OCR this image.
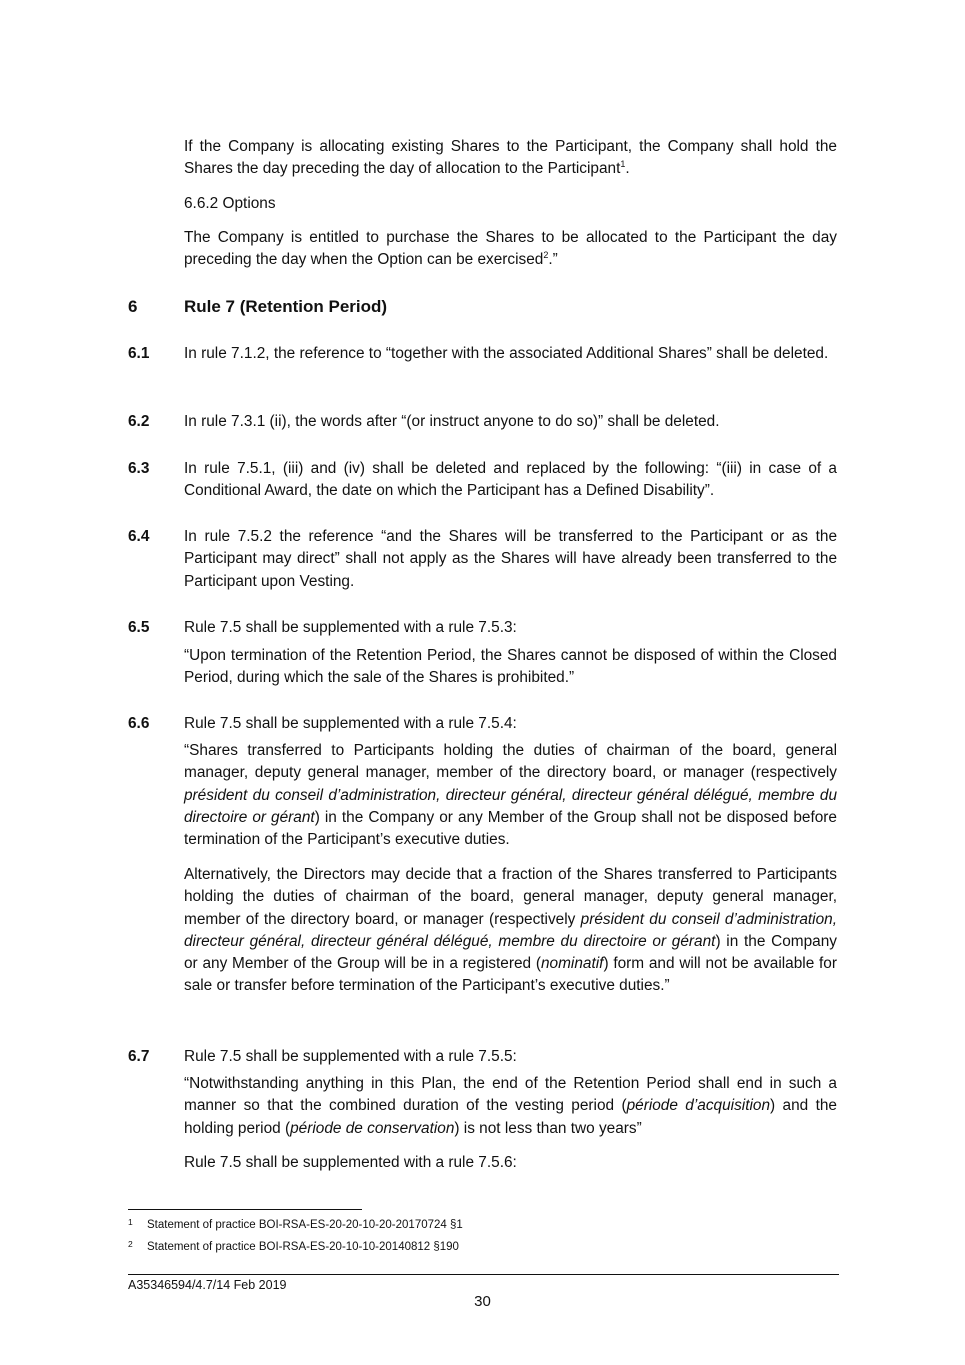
If the Company is allocating existing Shares to the Participant, the Company shall hold the Shares the day preceding the day of allocation to the Participant$^1$.

6.6.2 Options

The Company is entitled to purchase the Shares to be allocated to the Participant the day preceding the day when the Option can be exercised$^2$.”

6	Rule 7 (Retention Period)
6.1 In rule 7.1.2, the reference to “together with the associated Additional Shares” shall be deleted.

6.2 In rule 7.3.1 (ii), the words after “(or instruct anyone to do so)” shall be deleted.

6.3 In rule 7.5.1, (iii) and (iv) shall be deleted and replaced by the following: “(iii) in case of a Conditional Award, the date on which the Participant has a Defined Disability”.

6.4 In rule 7.5.2 the reference “and the Shares will be transferred to the Participant or as the Participant may direct” shall not apply as the Shares will have already been transferred to the Participant upon Vesting.

6.5 Rule 7.5 shall be supplemented with a rule 7.5.3:

“Upon termination of the Retention Period, the Shares cannot be disposed of within the Closed Period, during which the sale of the Shares is prohibited.”

6.6 Rule 7.5 shall be supplemented with a rule 7.5.4:

“Shares transferred to Participants holding the duties of chairman of the board, general manager, deputy general manager, member of the directory board, or manager (respectively président du conseil d’administration, directeur général, directeur général délégué, membre du directoire or gérant) in the Company or any Member of the Group shall not be disposed before termination of the Participant’s executive duties.

Alternatively, the Directors may decide that a fraction of the Shares transferred to Participants holding the duties of chairman of the board, general manager, deputy general manager, member of the directory board, or manager (respectively président du conseil d’administration, directeur général, directeur général délégué, membre du directoire or gérant) in the Company or any Member of the Group will be in a registered (nominatif) form and will not be available for sale or transfer before termination of the Participant’s executive duties.”

6.7 Rule 7.5 shall be supplemented with a rule 7.5.5:

“Notwithstanding anything in this Plan, the end of the Retention Period shall end in such a manner so that the combined duration of the vesting period (période d’acquisition) and the holding period (période de conservation) is not less than two years”

Rule 7.5 shall be supplemented with a rule 7.5.6:

1 Statement of practice BOI-RSA-ES-20-20-10-20-20170724 §1
2 Statement of practice BOI-RSA-ES-20-10-10-20140812 §190
A35346594/4.7/14 Feb 2019
30
